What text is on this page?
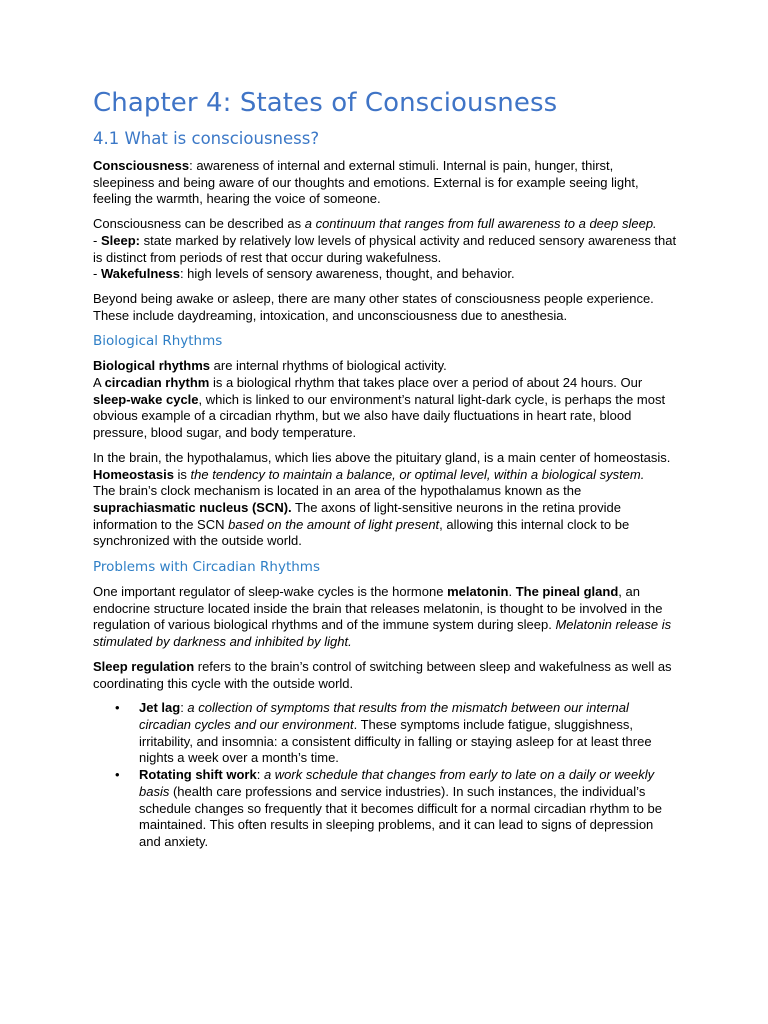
Chapter 4: States of Consciousness
4.1 What is consciousness?

Consciousness: awareness of internal and external stimuli. Internal is pain, hunger, thirst, sleepiness and being aware of our thoughts and emotions. External is for example seeing light, feeling the warmth, hearing the voice of someone.

Consciousness can be described as a continuum that ranges from full awareness to a deep sleep.
- Sleep: state marked by relatively low levels of physical activity and reduced sensory awareness that is distinct from periods of rest that occur during wakefulness.
- Wakefulness: high levels of sensory awareness, thought, and behavior.

Beyond being awake or asleep, there are many other states of consciousness people experience. These include daydreaming, intoxication, and unconsciousness due to anesthesia.

Biological Rhythms

Biological rhythms are internal rhythms of biological activity.
A circadian rhythm is a biological rhythm that takes place over a period of about 24 hours. Our sleep-wake cycle, which is linked to our environment’s natural light-dark cycle, is perhaps the most obvious example of a circadian rhythm, but we also have daily fluctuations in heart rate, blood pressure, blood sugar, and body temperature.

In the brain, the hypothalamus, which lies above the pituitary gland, is a main center of homeostasis. Homeostasis is the tendency to maintain a balance, or optimal level, within a biological system.
The brain’s clock mechanism is located in an area of the hypothalamus known as the suprachiasmatic nucleus (SCN). The axons of light-sensitive neurons in the retina provide information to the SCN based on the amount of light present, allowing this internal clock to be synchronized with the outside world.

Problems with Circadian Rhythms

One important regulator of sleep-wake cycles is the hormone melatonin. The pineal gland, an endocrine structure located inside the brain that releases melatonin, is thought to be involved in the regulation of various biological rhythms and of the immune system during sleep. Melatonin release is stimulated by darkness and inhibited by light.

Sleep regulation refers to the brain’s control of switching between sleep and wakefulness as well as coordinating this cycle with the outside world.

• Jet lag: a collection of symptoms that results from the mismatch between our internal circadian cycles and our environment. These symptoms include fatigue, sluggishness, irritability, and insomnia: a consistent difficulty in falling or staying asleep for at least three nights a week over a month’s time.
• Rotating shift work: a work schedule that changes from early to late on a daily or weekly basis (health care professions and service industries). In such instances, the individual’s schedule changes so frequently that it becomes difficult for a normal circadian rhythm to be maintained. This often results in sleeping problems, and it can lead to signs of depression and anxiety.
